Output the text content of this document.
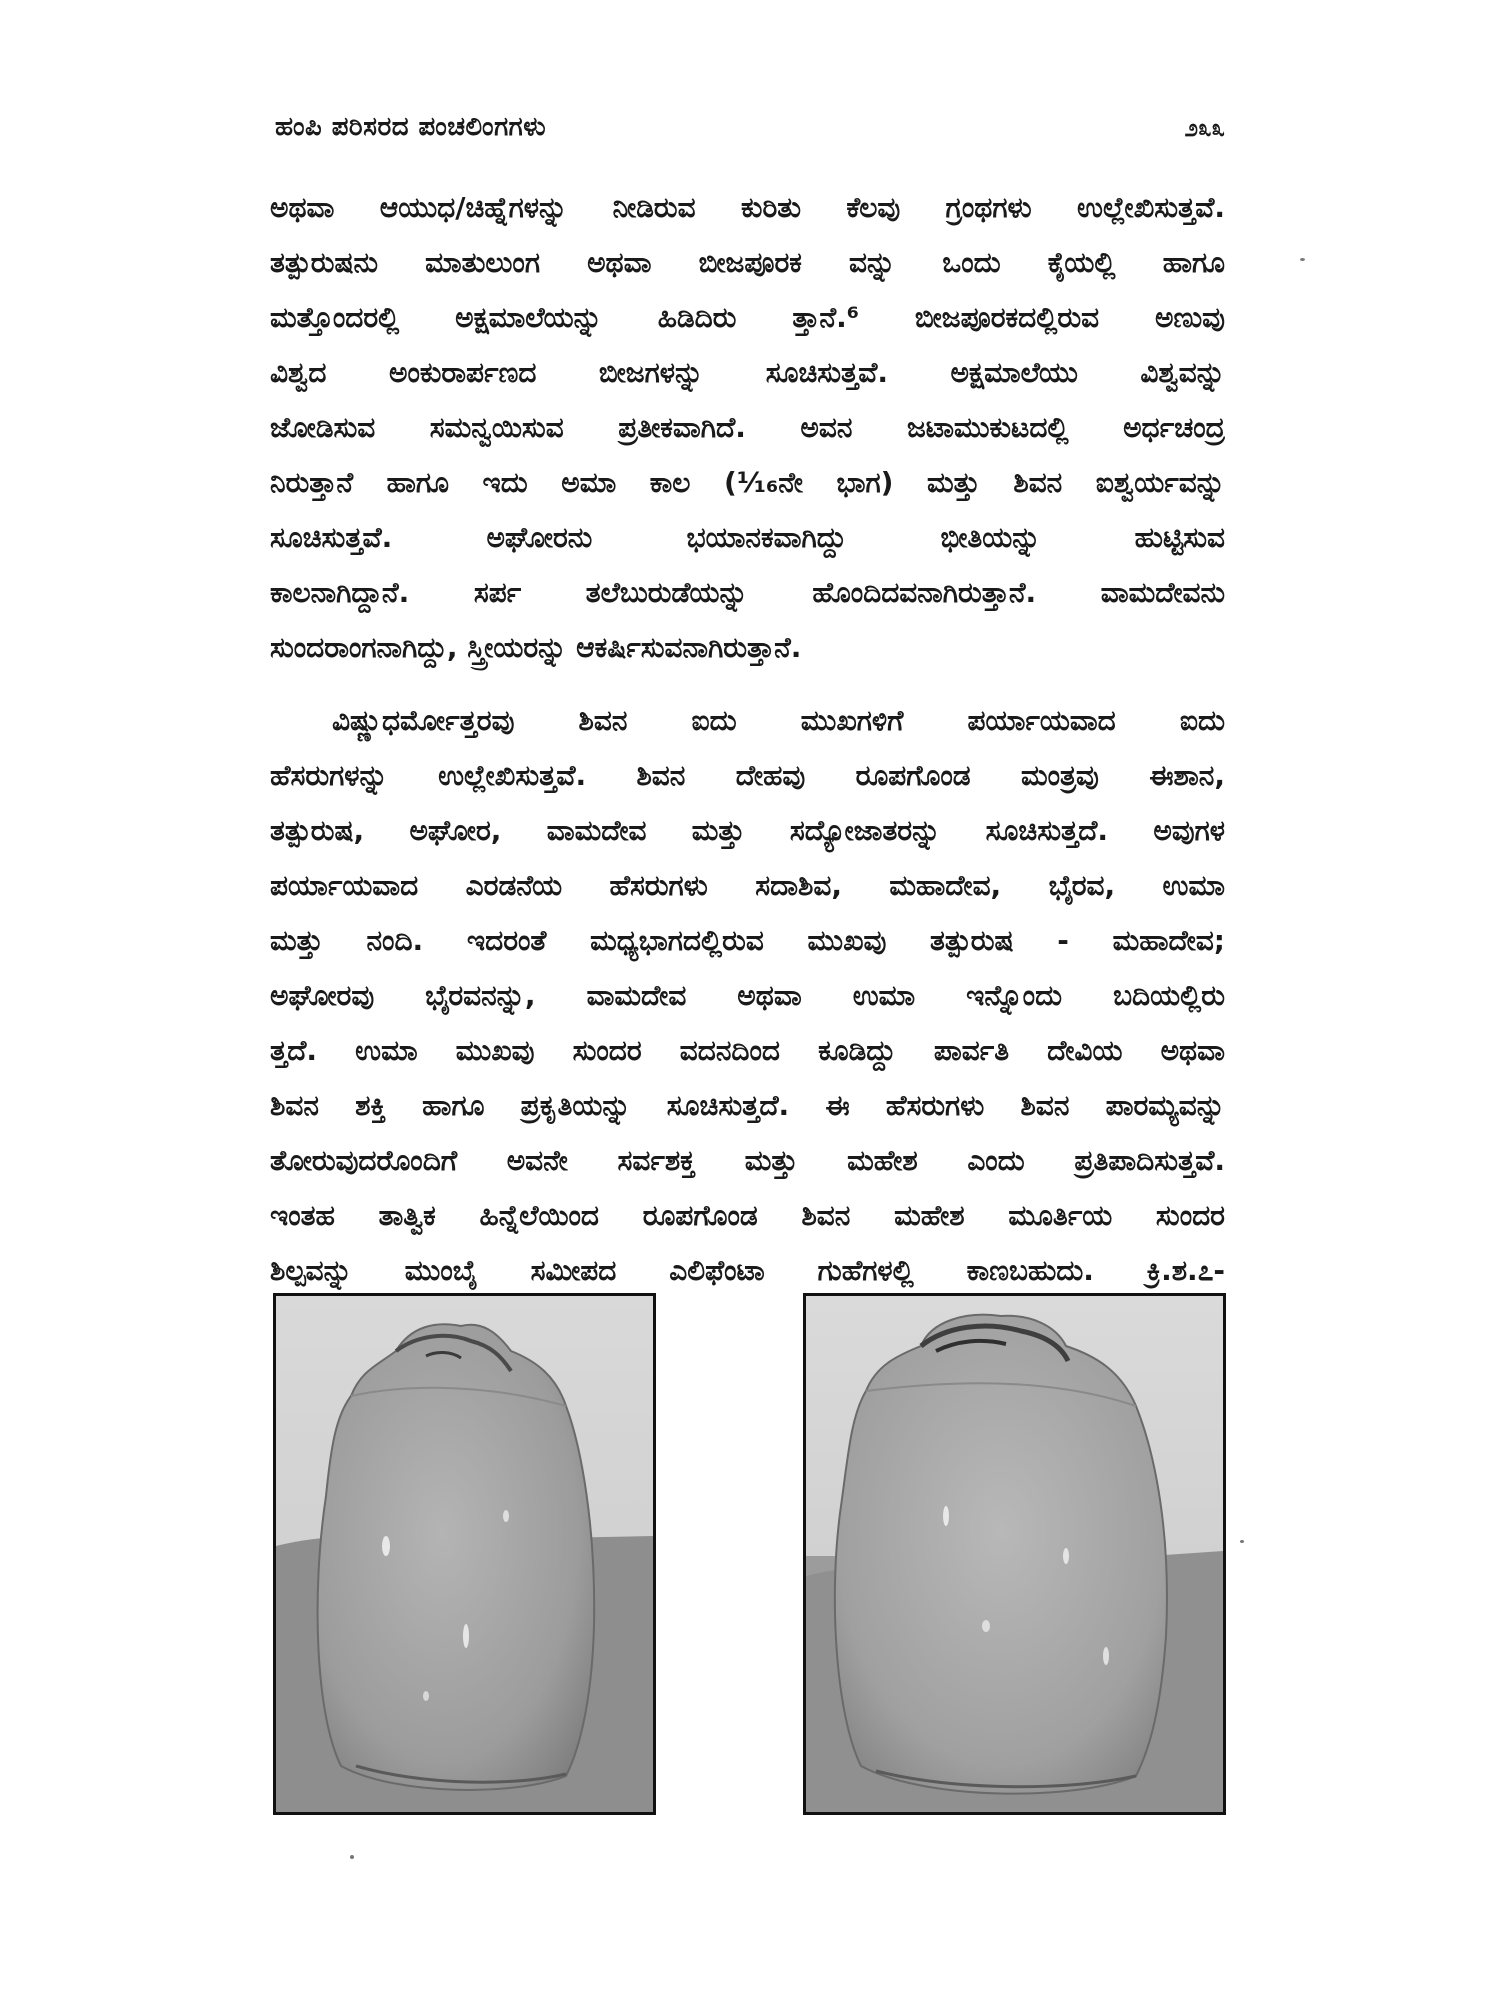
ಹಂಪಿ ಪರಿಸರದ ಪಂಚಲಿಂಗಗಳು	೨೩೩
ಅಥವಾ ಆಯುಧ/ಚಿಹ್ನೆಗಳನ್ನು ನೀಡಿರುವ ಕುರಿತು ಕೆಲವು ಗ್ರಂಥಗಳು ಉಲ್ಲೇಖಿಸುತ್ತವೆ.
ತತ್ಪುರುಷನು ಮಾತುಲುಂಗ ಅಥವಾ ಬೀಜಪೂರಕ ವನ್ನು ಒಂದು ಕೈಯಲ್ಲಿ ಹಾಗೂ
ಮತ್ತೊಂದರಲ್ಲಿ ಅಕ್ಷಮಾಲೆಯನ್ನು ಹಿಡಿದಿರು ತ್ತಾನೆ.⁶ ಬೀಜಪೂರಕದಲ್ಲಿರುವ ಅಣುವು
ವಿಶ್ವದ ಅಂಕುರಾರ್ಪಣದ ಬೀಜಗಳನ್ನು ಸೂಚಿಸುತ್ತವೆ. ಅಕ್ಷಮಾಲೆಯು ವಿಶ್ವವನ್ನು
ಜೋಡಿಸುವ ಸಮನ್ವಯಿಸುವ ಪ್ರತೀಕವಾಗಿದೆ. ಅವನ ಜಟಾಮುಕುಟದಲ್ಲಿ ಅರ್ಧಚಂದ್ರ
ನಿರುತ್ತಾನೆ ಹಾಗೂ ಇದು ಅಮಾ ಕಾಲ (¹⁄₁₆ನೇ ಭಾಗ) ಮತ್ತು ಶಿವನ ಐಶ್ವರ್ಯವನ್ನು
ಸೂಚಿಸುತ್ತವೆ. ಅಘೋರನು ಭಯಾನಕವಾಗಿದ್ದು ಭೀತಿಯನ್ನು ಹುಟ್ಟಿಸುವ
ಕಾಲನಾಗಿದ್ದಾನೆ. ಸರ್ಪ ತಲೆಬುರುಡೆಯನ್ನು ಹೊಂದಿದವನಾಗಿರುತ್ತಾನೆ. ವಾಮದೇವನು
ಸುಂದರಾಂಗನಾಗಿದ್ದು, ಸ್ತ್ರೀಯರನ್ನು ಆಕರ್ಷಿಸುವನಾಗಿರುತ್ತಾನೆ.
ವಿಷ್ಣುಧರ್ಮೋತ್ತರವು ಶಿವನ ಐದು ಮುಖಗಳಿಗೆ ಪರ್ಯಾಯವಾದ ಐದು
ಹೆಸರುಗಳನ್ನು ಉಲ್ಲೇಖಿಸುತ್ತವೆ. ಶಿವನ ದೇಹವು ರೂಪಗೊಂಡ ಮಂತ್ರವು ಈಶಾನ,
ತತ್ಪುರುಷ, ಅಘೋರ, ವಾಮದೇವ ಮತ್ತು ಸದ್ಯೋಜಾತರನ್ನು ಸೂಚಿಸುತ್ತದೆ. ಅವುಗಳ
ಪರ್ಯಾಯವಾದ ಎರಡನೆಯ ಹೆಸರುಗಳು ಸದಾಶಿವ, ಮಹಾದೇವ, ಭೈರವ, ಉಮಾ
ಮತ್ತು ನಂದಿ. ಇದರಂತೆ ಮಧ್ಯಭಾಗದಲ್ಲಿರುವ ಮುಖವು ತತ್ಪುರುಷ - ಮಹಾದೇವ;
ಅಘೋರವು ಭೈರವನನ್ನು, ವಾಮದೇವ ಅಥವಾ ಉಮಾ ಇನ್ನೊಂದು ಬದಿಯಲ್ಲಿರು
ತ್ತದೆ. ಉಮಾ ಮುಖವು ಸುಂದರ ವದನದಿಂದ ಕೂಡಿದ್ದು ಪಾರ್ವತಿ ದೇವಿಯ ಅಥವಾ
ಶಿವನ ಶಕ್ತಿ ಹಾಗೂ ಪ್ರಕೃತಿಯನ್ನು ಸೂಚಿಸುತ್ತದೆ. ಈ ಹೆಸರುಗಳು ಶಿವನ ಪಾರಮ್ಯವನ್ನು
ತೋರುವುದರೊಂದಿಗೆ ಅವನೇ ಸರ್ವಶಕ್ತ ಮತ್ತು ಮಹೇಶ ಎಂದು ಪ್ರತಿಪಾದಿಸುತ್ತವೆ.
ಇಂತಹ ತಾತ್ವಿಕ ಹಿನ್ನೆಲೆಯಿಂದ ರೂಪಗೊಂಡ ಶಿವನ ಮಹೇಶ ಮೂರ್ತಿಯ ಸುಂದರ
ಶಿಲ್ಪವನ್ನು ಮುಂಬೈ ಸಮೀಪದ ಎಲಿಫೆಂಟಾ ಗುಹೆಗಳಲ್ಲಿ ಕಾಣಬಹುದು. ಕ್ರಿ.ಶ.೭-
